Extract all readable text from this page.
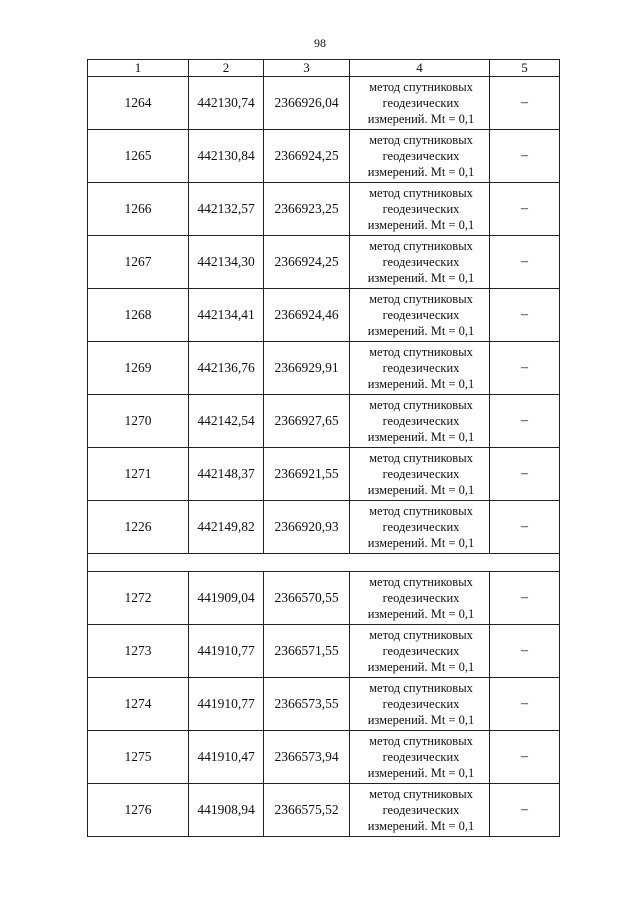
98
1	2	3	4	5
1264	442130,74	2366926,04	метод спутниковых
геодезических
измерений. Mt = 0,1	–
1265	442130,84	2366924,25	метод спутниковых
геодезических
измерений. Mt = 0,1	–
1266	442132,57	2366923,25	метод спутниковых
геодезических
измерений. Mt = 0,1	–
1267	442134,30	2366924,25	метод спутниковых
геодезических
измерений. Mt = 0,1	–
1268	442134,41	2366924,46	метод спутниковых
геодезических
измерений. Mt = 0,1	–
1269	442136,76	2366929,91	метод спутниковых
геодезических
измерений. Mt = 0,1	–
1270	442142,54	2366927,65	метод спутниковых
геодезических
измерений. Mt = 0,1	–
1271	442148,37	2366921,55	метод спутниковых
геодезических
измерений. Mt = 0,1	–
1226	442149,82	2366920,93	метод спутниковых
геодезических
измерений. Mt = 0,1	–

1272	441909,04	2366570,55	метод спутниковых
геодезических
измерений. Mt = 0,1	–
1273	441910,77	2366571,55	метод спутниковых
геодезических
измерений. Mt = 0,1	–
1274	441910,77	2366573,55	метод спутниковых
геодезических
измерений. Mt = 0,1	–
1275	441910,47	2366573,94	метод спутниковых
геодезических
измерений. Mt = 0,1	–
1276	441908,94	2366575,52	метод спутниковых
геодезических
измерений. Mt = 0,1	–
